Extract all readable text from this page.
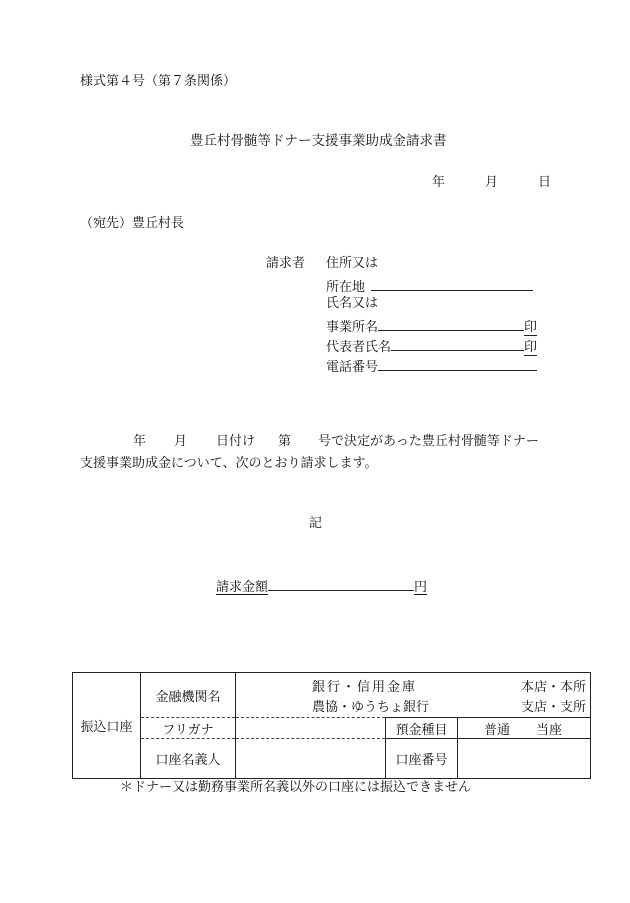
様式第４号（第７条関係）
豊丘村骨髄等ドナー支援事業助成金請求書
年	月	日
（宛先）豊丘村長
請求者 住所又は
所在地
氏名又は
事業所名	印
代表者氏名	印
電話番号
年 月 日付け 第 号で決定があった豊丘村骨髄等ドナー
支援事業助成金について、次のとおり請求します。
記
請求金額	円
振込口座	金融機関名	銀行・信用金庫
農協・ゆうちょ銀行
本店・本所
支店・支所		

	フリガナ		預金種目	普通 当座
	口座名義人		口座番号	
＊ドナー又は勤務事業所名義以外の口座には振込できません
